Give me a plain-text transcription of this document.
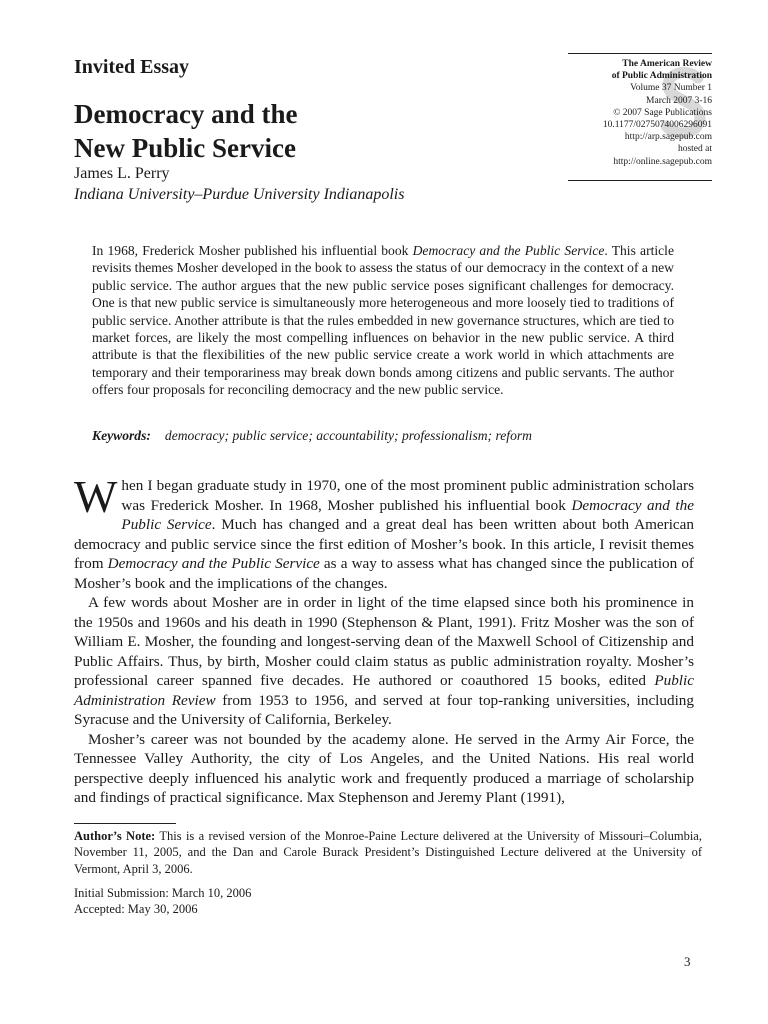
Invited Essay
Democracy and the
New Public Service
James L. Perry
Indiana University–Purdue University Indianapolis
The American Review
of Public Administration
Volume 37 Number 1
March 2007 3-16
© 2007 Sage Publications
10.1177/0275074006296091
http://arp.sagepub.com
hosted at
http://online.sagepub.com
In 1968, Frederick Mosher published his influential book Democracy and the Public Service. This article revisits themes Mosher developed in the book to assess the status of our democracy in the context of a new public service. The author argues that the new public service poses significant challenges for democracy. One is that new public service is simultaneously more heterogeneous and more loosely tied to traditions of public service. Another attribute is that the rules embedded in new governance structures, which are tied to market forces, are likely the most compelling influences on behavior in the new public service. A third attribute is that the flexibilities of the new public service create a work world in which attachments are temporary and their temporariness may break down bonds among citizens and public servants. The author offers four proposals for reconciling democracy and the new public service.
Keywords: democracy; public service; accountability; professionalism; reform

When I began graduate study in 1970, one of the most prominent public administration scholars was Frederick Mosher. In 1968, Mosher published his influential book Democracy and the Public Service. Much has changed and a great deal has been written about both American democracy and public service since the first edition of Mosher’s book. In this article, I revisit themes from Democracy and the Public Service as a way to assess what has changed since the publication of Mosher’s book and the implications of the changes.

A few words about Mosher are in order in light of the time elapsed since both his prominence in the 1950s and 1960s and his death in 1990 (Stephenson & Plant, 1991). Fritz Mosher was the son of William E. Mosher, the founding and longest-serving dean of the Maxwell School of Citizenship and Public Affairs. Thus, by birth, Mosher could claim status as public administration royalty. Mosher’s professional career spanned five decades. He authored or coauthored 15 books, edited Public Administration Review from 1953 to 1956, and served at four top-ranking universities, including Syracuse and the University of California, Berkeley.

Mosher’s career was not bounded by the academy alone. He served in the Army Air Force, the Tennessee Valley Authority, the city of Los Angeles, and the United Nations. His real world perspective deeply influenced his analytic work and frequently produced a marriage of scholarship and findings of practical significance. Max Stephenson and Jeremy Plant (1991),

Author’s Note: This is a revised version of the Monroe-Paine Lecture delivered at the University of Missouri–Columbia, November 11, 2005, and the Dan and Carole Burack President’s Distinguished Lecture delivered at the University of Vermont, April 3, 2006.
Initial Submission: March 10, 2006
Accepted: May 30, 2006
3
